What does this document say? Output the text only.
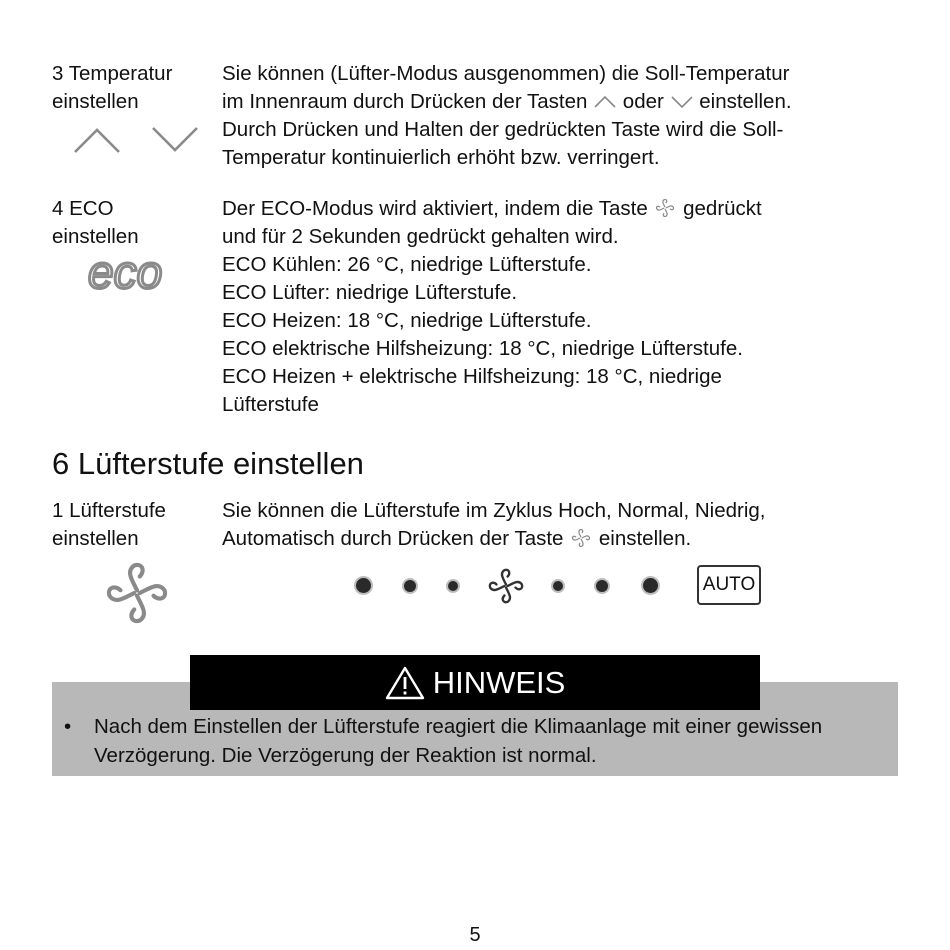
3 Temperatur
einstellen

Sie können (Lüfter-Modus ausgenommen) die Soll-Temperatur

im Innenraum durch Drücken der Tasten oder einstellen.

Durch Drücken und Halten der gedrückten Taste wird die Soll-

Temperatur kontinuierlich erhöht bzw. verringert.

4 ECO
einstellen

Der ECO-Modus wird aktiviert, indem die Taste gedrückt

und für 2 Sekunden gedrückt gehalten wird.

ECO Kühlen: 26 °C, niedrige Lüfterstufe.

ECO Lüfter: niedrige Lüfterstufe.

ECO Heizen: 18 °C, niedrige Lüfterstufe.

ECO elektrische Hilfsheizung: 18 °C, niedrige Lüfterstufe.

ECO Heizen + elektrische Hilfsheizung: 18 °C, niedrige

Lüfterstufe

eco
6 Lüfterstufe einstellen
1 Lüfterstufe
einstellen

Sie können die Lüfterstufe im Zyklus Hoch, Normal, Niedrig,

Automatisch durch Drücken der Taste einstellen.

AUTO
HINWEIS
• Nach dem Einstellen der Lüfterstufe reagiert die Klimaanlage mit einer gewissen Verzögerung. Die Verzögerung der Reaktion ist normal.
5
